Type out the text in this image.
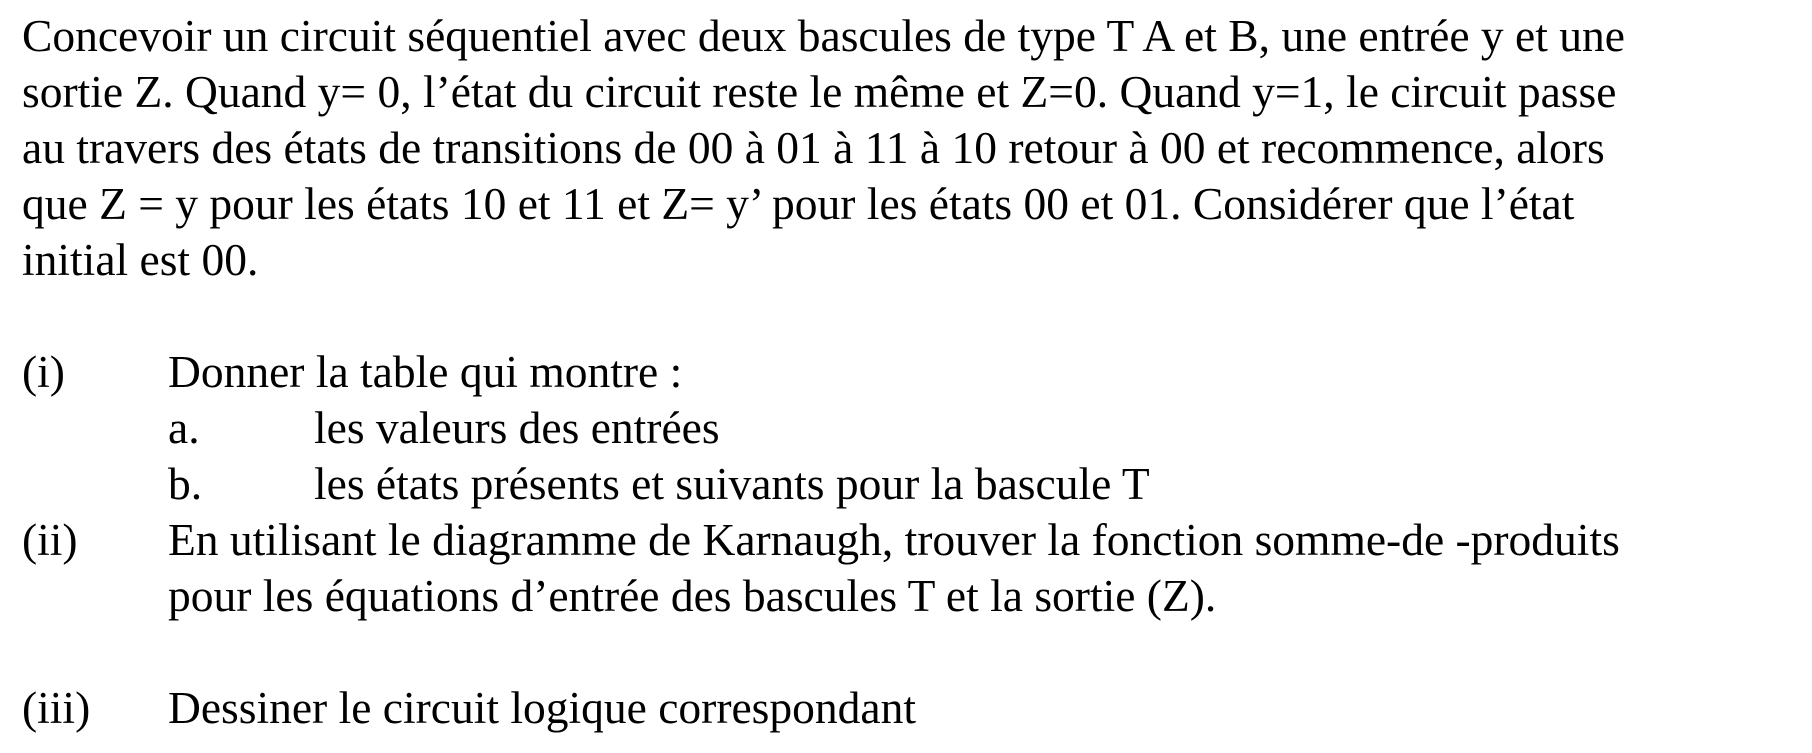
Concevoir un circuit séquentiel avec deux bascules de type T A et B, une entrée y et une
sortie Z. Quand y= 0, l’état du circuit reste le même et Z=0. Quand y=1, le circuit passe
au travers des états de transitions de 00 à 01 à 11 à 10 retour à 00 et recommence, alors
que Z = y pour les états 10 et 11 et Z= y’ pour les états 00 et 01. Considérer que l’état
initial est 00.
(i) Donner la table qui montre :
a.	les valeurs des entrées
b. les états présents et suivants pour la bascule T
(ii) En utilisant le diagramme de Karnaugh, trouver la fonction somme-de -produits
pour les équations d’entrée des bascules T et la sortie (Z).
(iii) Dessiner le circuit logique correspondant
